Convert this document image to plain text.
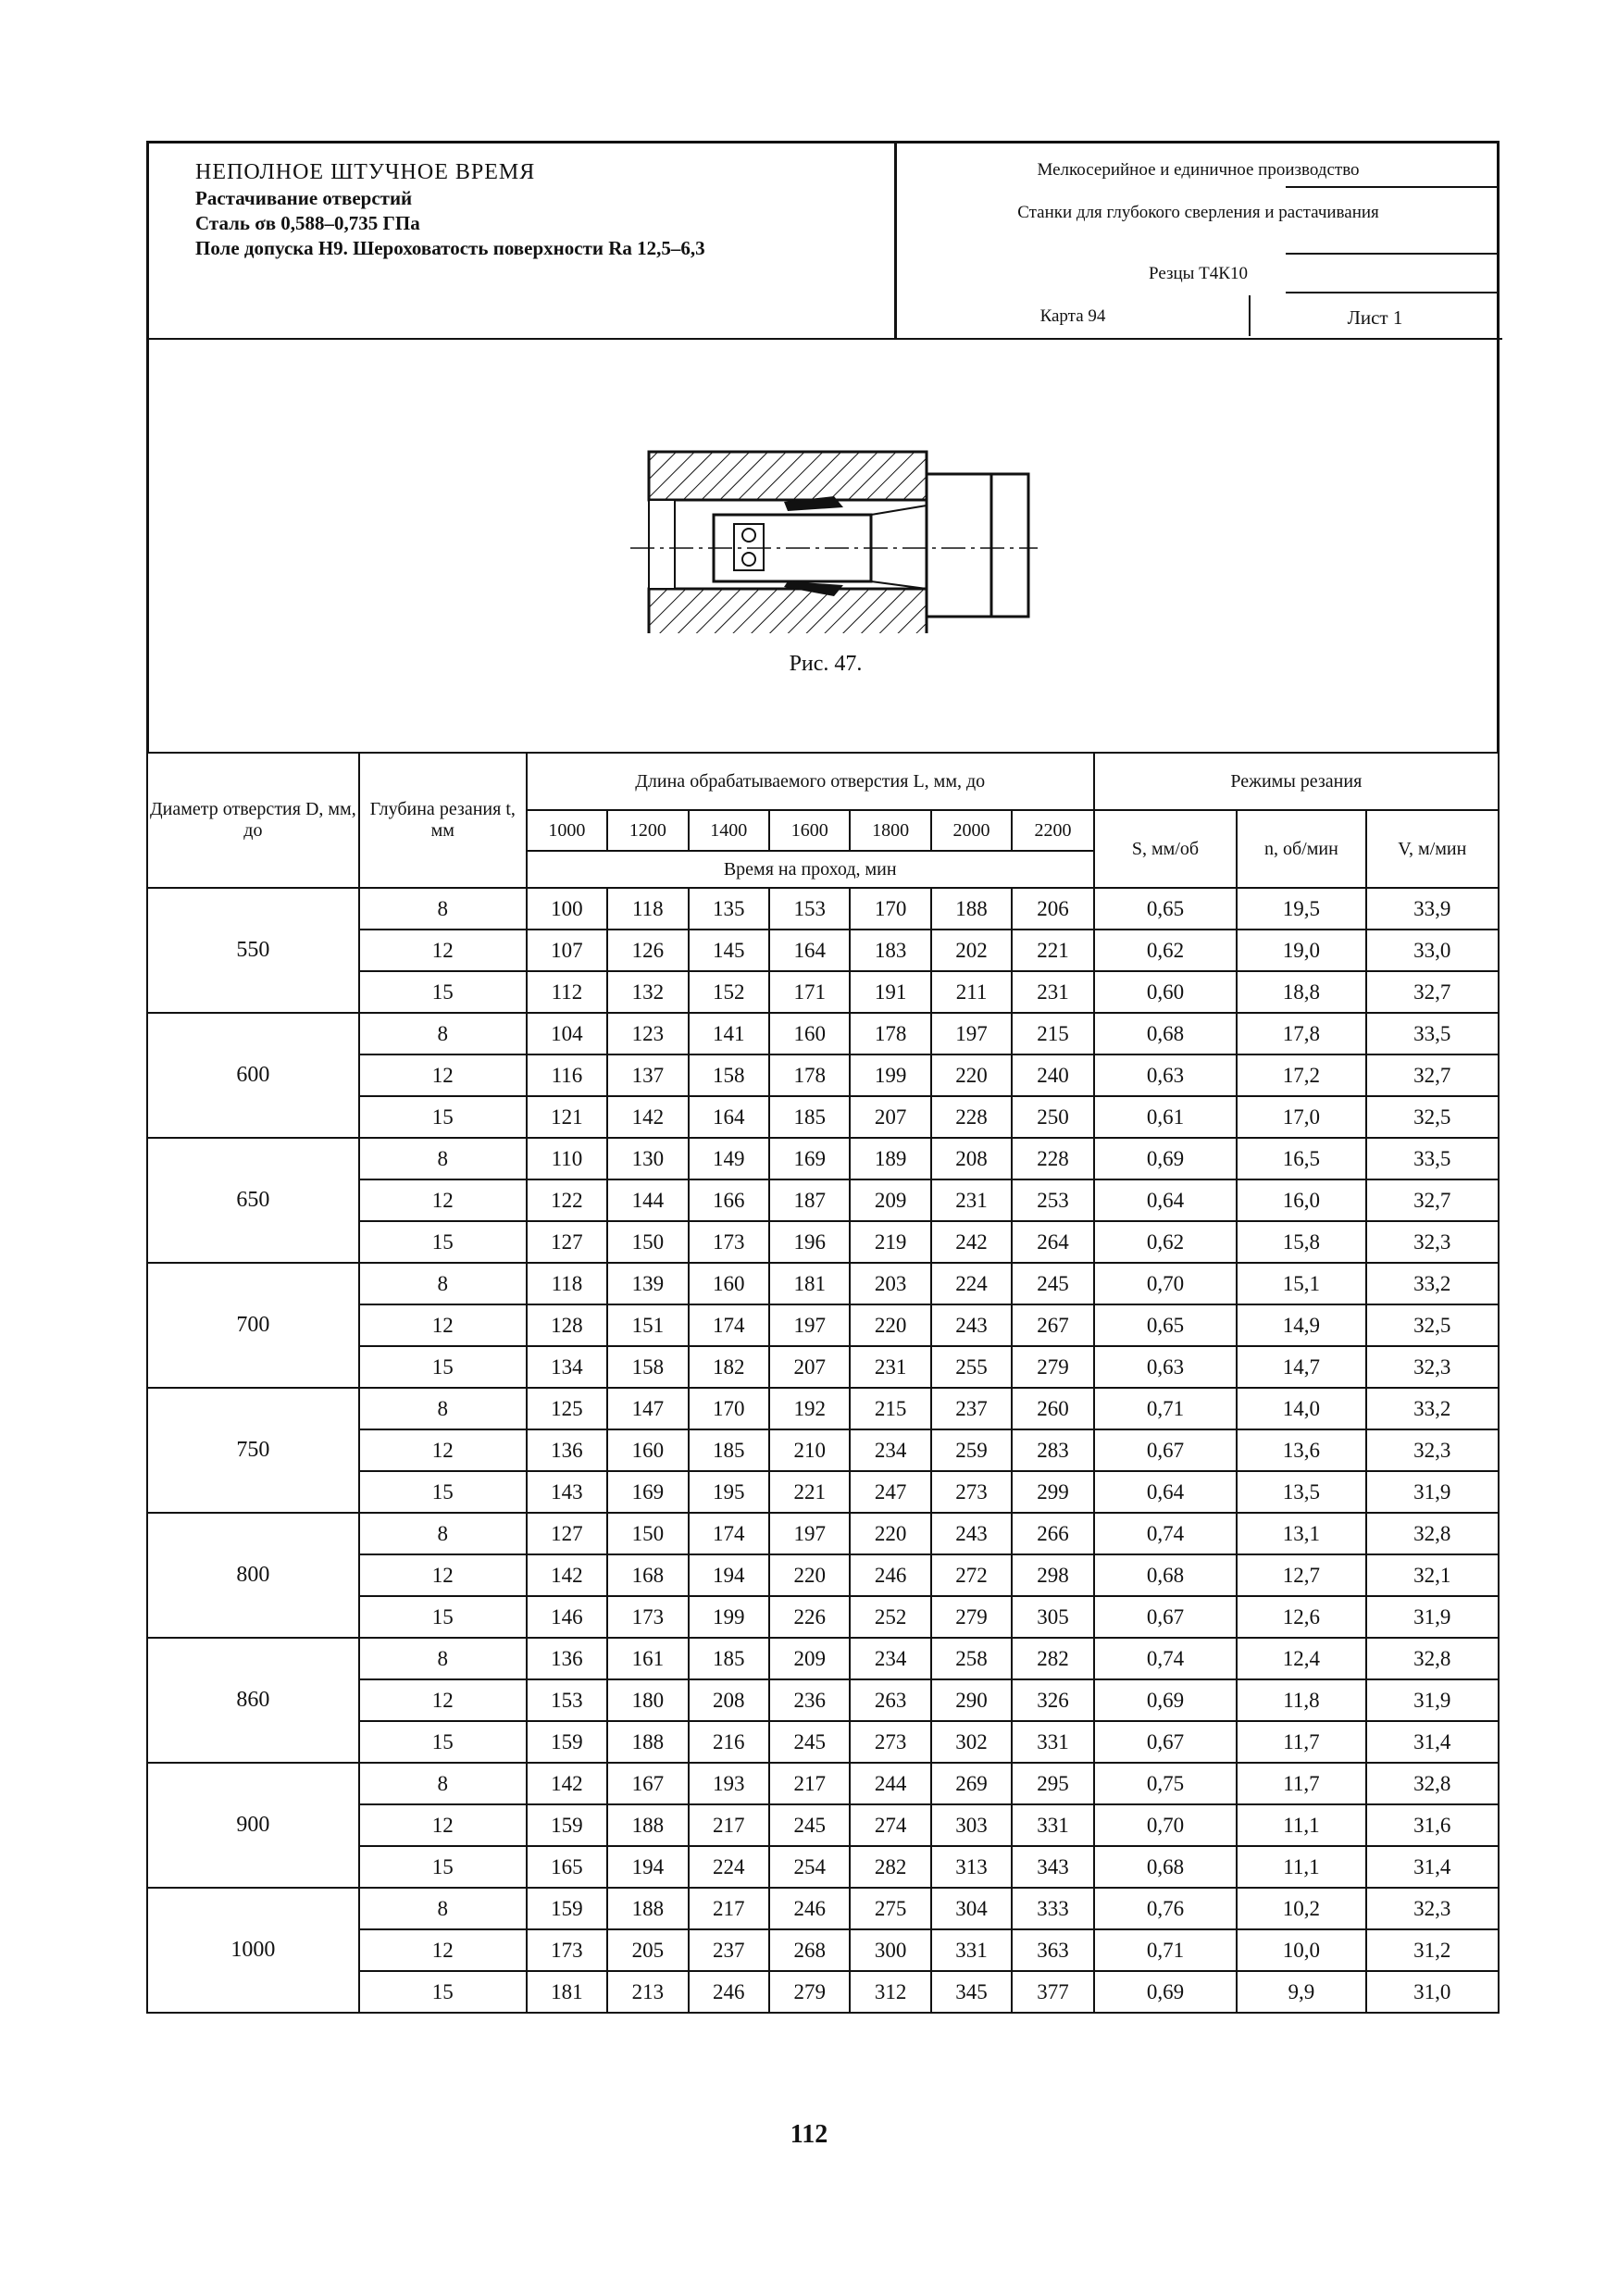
НЕПОЛНОЕ ШТУЧНОЕ ВРЕМЯ
Растачивание отверстий
Сталь σв 0,588–0,735 ГПа
Поле допуска Н9. Шероховатость поверхности Ra 12,5–6,3
Мелкосерийное и единичное производство
Станки для глубокого сверления и растачивания
Резцы Т4К10
Карта 94	Лист 1
Рис. 47.
Диаметр отверстия D, мм, до	Глубина резания t, мм	Длина обрабатываемого отверстия L, мм, до							Режимы резания		
		1000	1200	1400	1600	1800	2000	2200	S, мм/об	n, об/мин	V, м/мин
		Время на проход, мин									
550	8	100	118	135	153	170	188	206	0,65	19,5	33,9
	12	107	126	145	164	183	202	221	0,62	19,0	33,0
	15	112	132	152	171	191	211	231	0,60	18,8	32,7
600	8	104	123	141	160	178	197	215	0,68	17,8	33,5
	12	116	137	158	178	199	220	240	0,63	17,2	32,7
	15	121	142	164	185	207	228	250	0,61	17,0	32,5
650	8	110	130	149	169	189	208	228	0,69	16,5	33,5
	12	122	144	166	187	209	231	253	0,64	16,0	32,7
	15	127	150	173	196	219	242	264	0,62	15,8	32,3
700	8	118	139	160	181	203	224	245	0,70	15,1	33,2
	12	128	151	174	197	220	243	267	0,65	14,9	32,5
	15	134	158	182	207	231	255	279	0,63	14,7	32,3
750	8	125	147	170	192	215	237	260	0,71	14,0	33,2
	12	136	160	185	210	234	259	283	0,67	13,6	32,3
	15	143	169	195	221	247	273	299	0,64	13,5	31,9
800	8	127	150	174	197	220	243	266	0,74	13,1	32,8
	12	142	168	194	220	246	272	298	0,68	12,7	32,1
	15	146	173	199	226	252	279	305	0,67	12,6	31,9
860	8	136	161	185	209	234	258	282	0,74	12,4	32,8
	12	153	180	208	236	263	290	326	0,69	11,8	31,9
	15	159	188	216	245	273	302	331	0,67	11,7	31,4
900	8	142	167	193	217	244	269	295	0,75	11,7	32,8
	12	159	188	217	245	274	303	331	0,70	11,1	31,6
	15	165	194	224	254	282	313	343	0,68	11,1	31,4
1000	8	159	188	217	246	275	304	333	0,76	10,2	32,3
	12	173	205	237	268	300	331	363	0,71	10,0	31,2
	15	181	213	246	279	312	345	377	0,69	9,9	31,0
112
